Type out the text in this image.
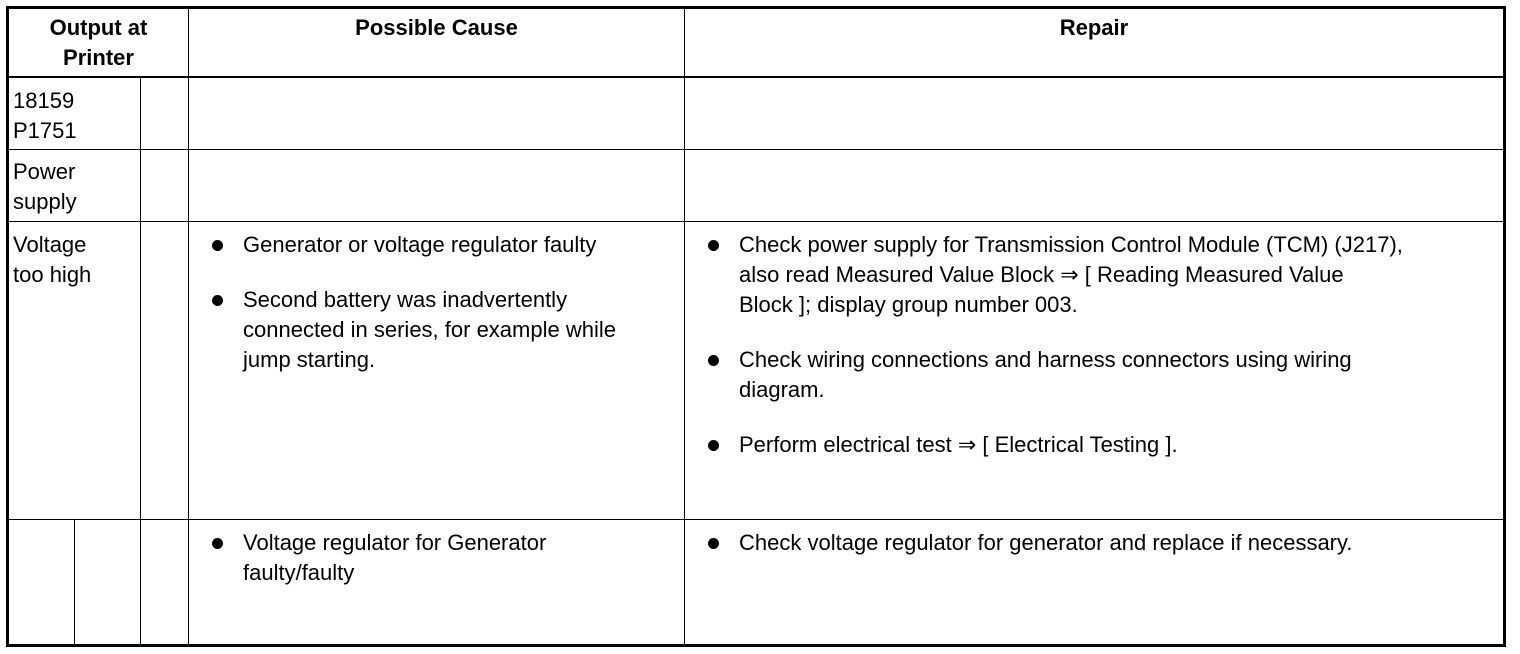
Output at
Printer
Possible Cause	Repair
18159
P1751
Power
supply
Voltage
too high
Generator or voltage regulator faulty
Second battery was inadvertently
connected in series, for example while
jump starting.
Check power supply for Transmission Control Module (TCM) (J217),
also read Measured Value Block ⇒ [ Reading Measured Value
Block ]; display group number 003.
Check wiring connections and harness connectors using wiring
diagram.
Perform electrical test ⇒ [ Electrical Testing ].
Voltage regulator for Generator
faulty/faulty
Check voltage regulator for generator and replace if necessary.
